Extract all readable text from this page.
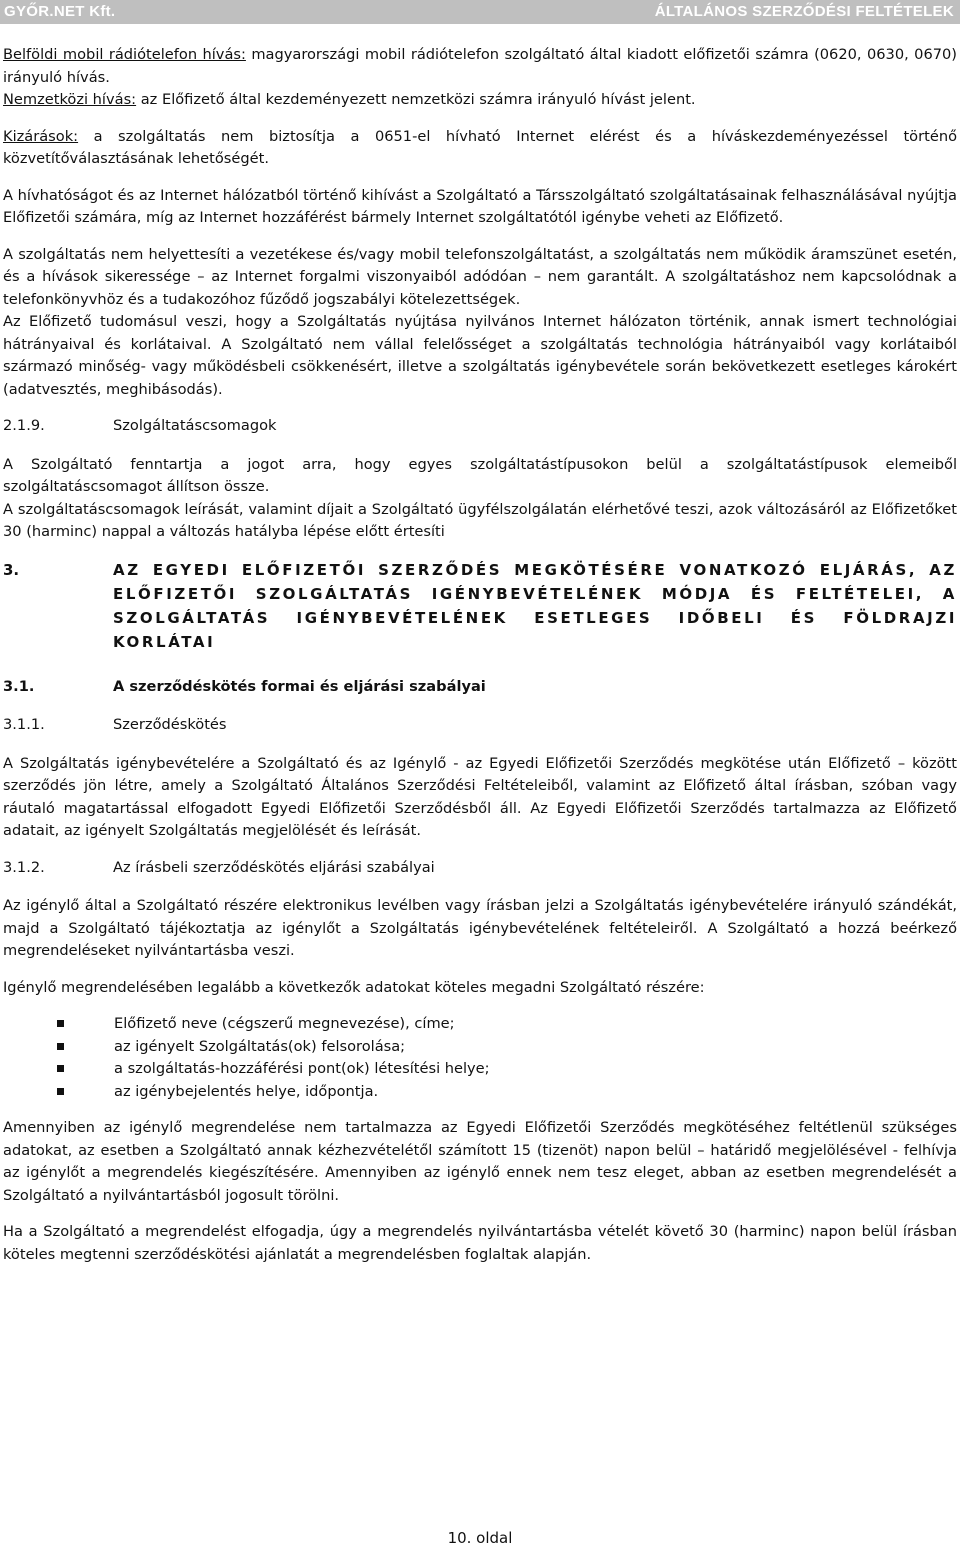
GYŐR.NET Kft.	ÁLTALÁNOS SZERZŐDÉSI FELTÉTELEK

Belföldi mobil rádiótelefon hívás: magyarországi mobil rádiótelefon szolgáltató által kiadott előfizetői számra (0620, 0630, 0670) irányuló hívás.

Nemzetközi hívás: az Előfizető által kezdeményezett nemzetközi számra irányuló hívást jelent.

Kizárások: a szolgáltatás nem biztosítja a 0651-el hívható Internet elérést és a híváskezdeményezéssel történő közvetítőválasztásának lehetőségét.

A hívhatóságot és az Internet hálózatból történő kihívást a Szolgáltató a Társszolgáltató szolgáltatásainak felhasználásával nyújtja Előfizetői számára, míg az Internet hozzáférést bármely Internet szolgáltatótól igénybe veheti az Előfizető.

A szolgáltatás nem helyettesíti a vezetékese és/vagy mobil telefonszolgáltatást, a szolgáltatás nem működik áramszünet esetén, és a hívások sikeressége – az Internet forgalmi viszonyaiból adódóan – nem garantált. A szolgáltatáshoz nem kapcsolódnak a telefonkönyvhöz és a tudakozóhoz fűződő jogszabályi kötelezettségek.

Az Előfizető tudomásul veszi, hogy a Szolgáltatás nyújtása nyilvános Internet hálózaton történik, annak ismert technológiai hátrányaival és korlátaival. A Szolgáltató nem vállal felelősséget a szolgáltatás technológia hátrányaiból vagy korlátaiból származó minőség- vagy működésbeli csökkenésért, illetve a szolgáltatás igénybevétele során bekövetkezett esetleges károkért (adatvesztés, meghibásodás).

2.1.9.	Szolgáltatáscsomagok

A Szolgáltató fenntartja a jogot arra, hogy egyes szolgáltatástípusokon belül a szolgáltatástípusok elemeiből szolgáltatáscsomagot állítson össze.

A szolgáltatáscsomagok leírását, valamint díjait a Szolgáltató ügyfélszolgálatán elérhetővé teszi, azok változásáról az Előfizetőket 30 (harminc) nappal a változás hatályba lépése előtt értesíti

3.	AZ EGYEDI ELŐFIZETŐI SZERZŐDÉS MEGKÖTÉSÉRE VONATKOZÓ ELJÁRÁS, AZ ELŐFIZETŐI SZOLGÁLTATÁS IGÉNYBEVÉTELÉNEK MÓDJA ÉS FELTÉTELEI, A SZOLGÁLTATÁS IGÉNYBEVÉTELÉNEK ESETLEGES IDŐBELI ÉS FÖLDRAJZI KORLÁTAI
3.1.	A szerződéskötés formai és eljárási szabályai
3.1.1.	Szerződéskötés

A Szolgáltatás igénybevételére a Szolgáltató és az Igénylő - az Egyedi Előfizetői Szerződés megkötése után Előfizető – között szerződés jön létre, amely a Szolgáltató Általános Szerződési Feltételeiből, valamint az Előfizető által írásban, szóban vagy ráutaló magatartással elfogadott Egyedi Előfizetői Szerződésből áll. Az Egyedi Előfizetői Szerződés tartalmazza az Előfizető adatait, az igényelt Szolgáltatás megjelölését és leírását.

3.1.2.	Az írásbeli szerződéskötés eljárási szabályai

Az igénylő által a Szolgáltató részére elektronikus levélben vagy írásban jelzi a Szolgáltatás igénybevételére irányuló szándékát, majd a Szolgáltató tájékoztatja az igénylőt a Szolgáltatás igénybevételének feltételeiről. A Szolgáltató a hozzá beérkező megrendeléseket nyilvántartásba veszi.

Igénylő megrendelésében legalább a következők adatokat köteles megadni Szolgáltató részére:

Előfizető neve (cégszerű megnevezése), címe;
az igényelt Szolgáltatás(ok) felsorolása;
a szolgáltatás-hozzáférési pont(ok) létesítési helye;
az igénybejelentés helye, időpontja.

Amennyiben az igénylő megrendelése nem tartalmazza az Egyedi Előfizetői Szerződés megkötéséhez feltétlenül szükséges adatokat, az esetben a Szolgáltató annak kézhezvételétől számított 15 (tizenöt) napon belül – határidő megjelölésével - felhívja az igénylőt a megrendelés kiegészítésére. Amennyiben az igénylő ennek nem tesz eleget, abban az esetben megrendelését a Szolgáltató a nyilvántartásból jogosult törölni.

Ha a Szolgáltató a megrendelést elfogadja, úgy a megrendelés nyilvántartásba vételét követő 30 (harminc) napon belül írásban köteles megtenni szerződéskötési ajánlatát a megrendelésben foglaltak alapján.

10. oldal
